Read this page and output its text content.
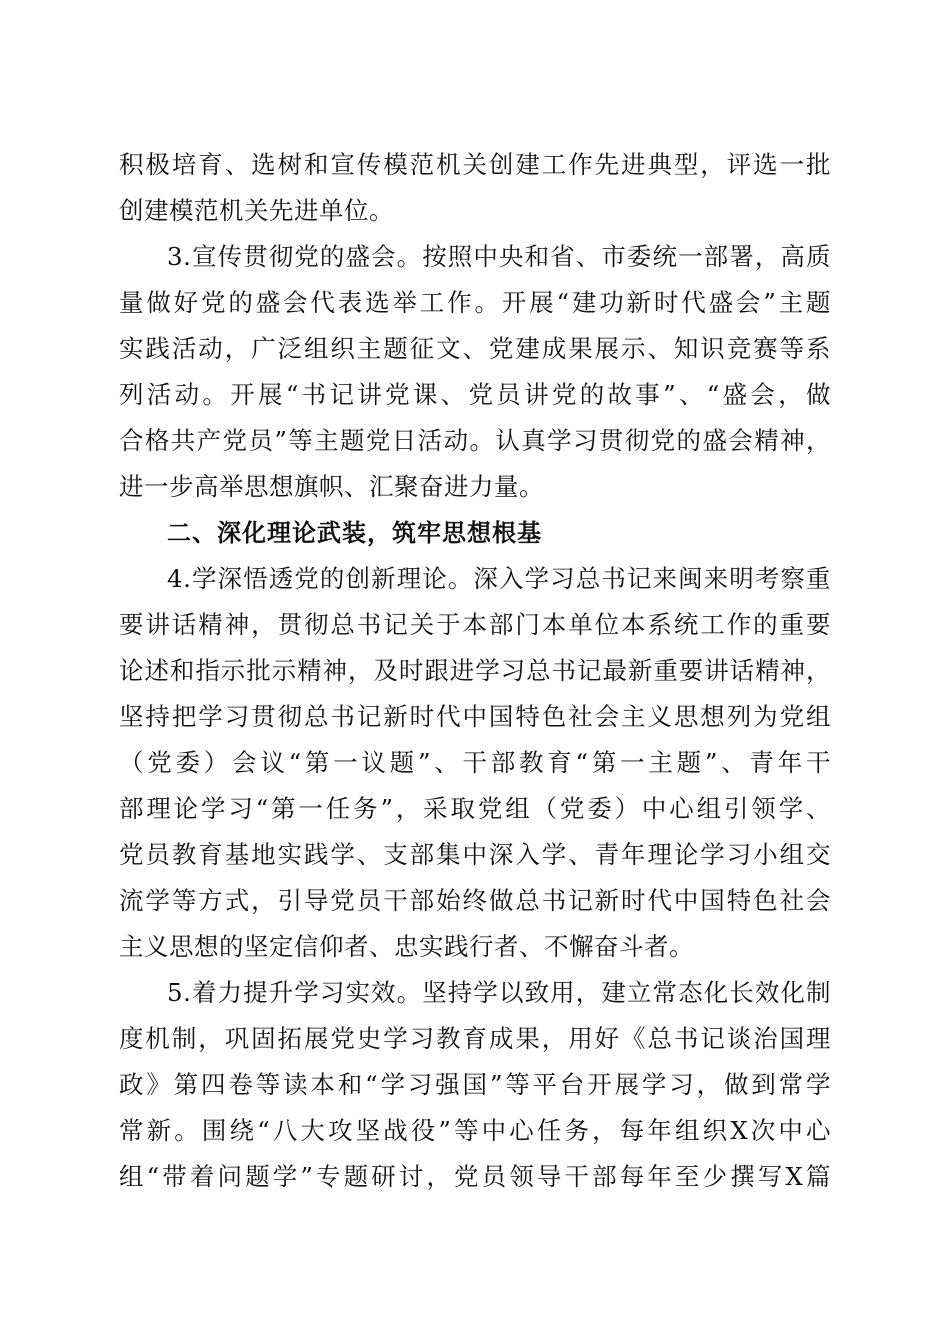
积极培育、选树和宣传模范机关创建工作先进典型，评选一批
创建模范机关先进单位。
3.宣传贯彻党的盛会。按照中央和省、市委统一部署，高质
量做好党的盛会代表选举工作。开展“建功新时代盛会”主题
实践活动，广泛组织主题征文、党建成果展示、知识竞赛等系
列活动。开展“书记讲党课、党员讲党的故事”、“盛会，做
合格共产党员”等主题党日活动。认真学习贯彻党的盛会精神，
进一步高举思想旗帜、汇聚奋进力量。
二、深化理论武装，筑牢思想根基
4.学深悟透党的创新理论。深入学习总书记来闽来明考察重
要讲话精神，贯彻总书记关于本部门本单位本系统工作的重要
论述和指示批示精神，及时跟进学习总书记最新重要讲话精神，
坚持把学习贯彻总书记新时代中国特色社会主义思想列为党组
（党委）会议“第一议题”、干部教育“第一主题”、青年干
部理论学习“第一任务”，采取党组（党委）中心组引领学、
党员教育基地实践学、支部集中深入学、青年理论学习小组交
流学等方式，引导党员干部始终做总书记新时代中国特色社会
主义思想的坚定信仰者、忠实践行者、不懈奋斗者。
5.着力提升学习实效。坚持学以致用，建立常态化长效化制
度机制，巩固拓展党史学习教育成果，用好《总书记谈治国理
政》第四卷等读本和“学习强国”等平台开展学习，做到常学
常新。围绕“八大攻坚战役”等中心任务，每年组织X次中心
组“带着问题学”专题研讨，党员领导干部每年至少撰写X篇
